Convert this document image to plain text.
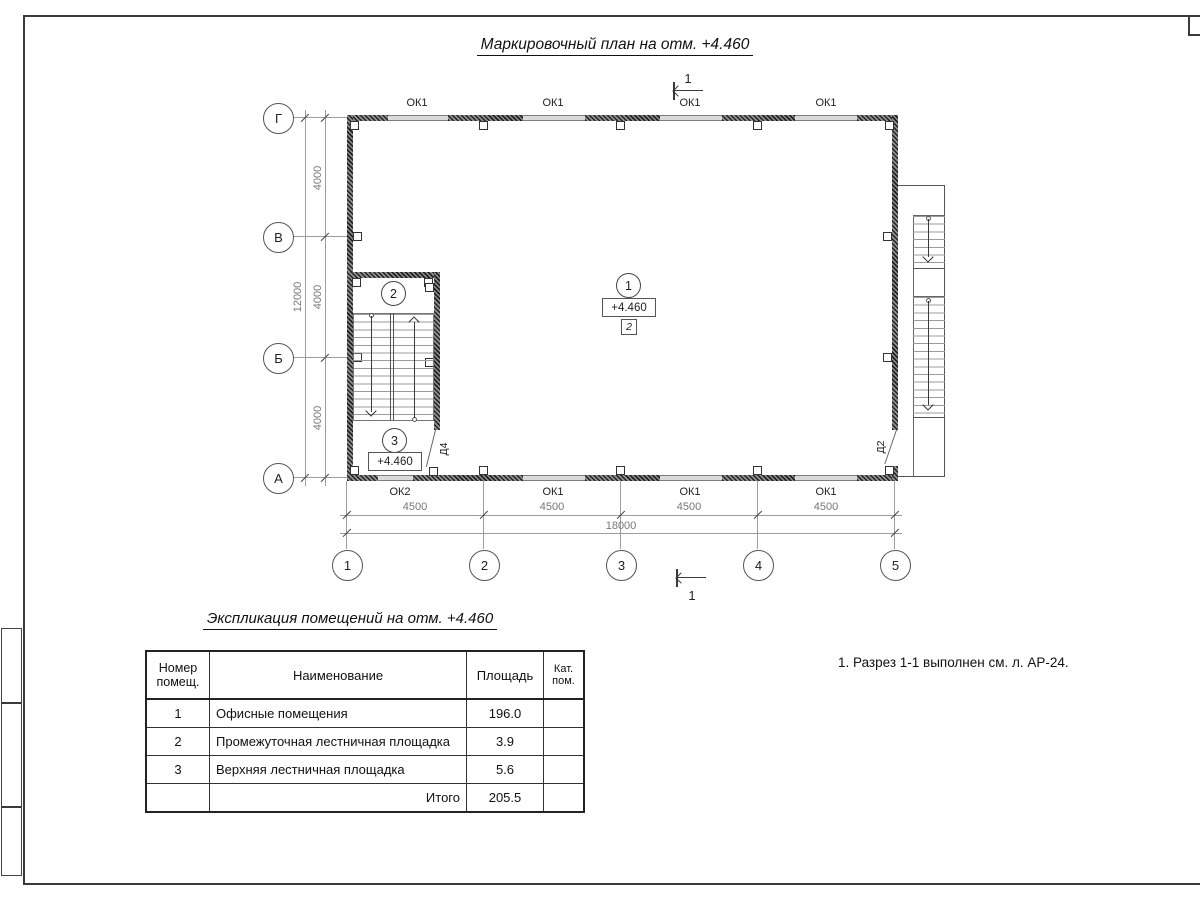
Маркировочный план на отм. +4.460
Д4	Д2
1
+4.460
2
2
3
+4.460
ОК1	ОК1	ОК1	ОК1
ОК2	ОК1	ОК1	ОК1
4000
4000
4000
12000
4500	4500	4500	4500
18000
Г
В
Б
А
1	2	3	4	5
1
1
Экспликация помещений на отм. +4.460
Номер помещ.	Наименование	Площадь	Кат. пом.
1	Офисные помещения	196.0	
2	Промежуточная лестничная площадка	3.9	
3	Верхняя лестничная площадка	5.6	
	Итого	205.5	
1. Разрез 1-1 выполнен см. л. АР-24.
